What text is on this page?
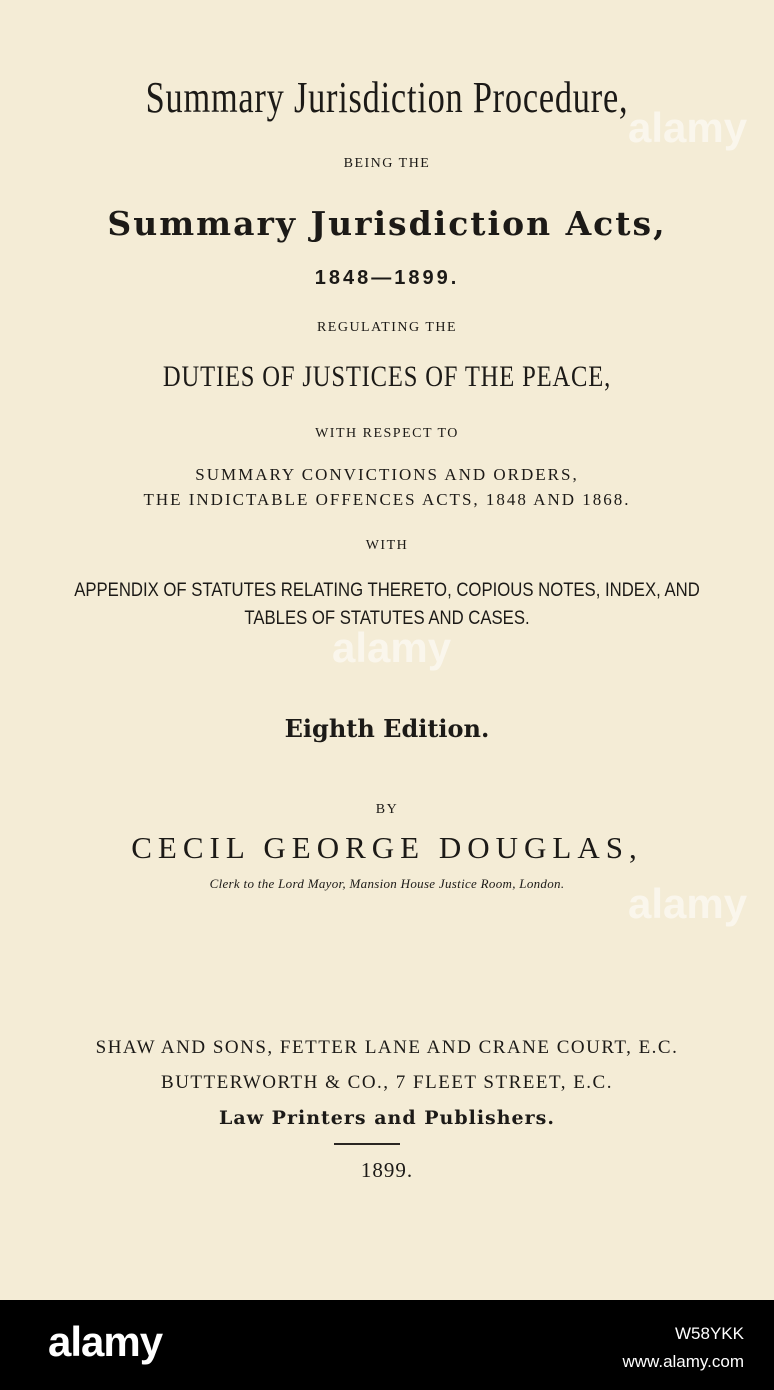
Summary Jurisdiction Procedure,
BEING THE
Summary Jurisdiction Acts,
1848—1899.
REGULATING THE
DUTIES OF JUSTICES OF THE PEACE,
WITH RESPECT TO
SUMMARY CONVICTIONS AND ORDERS,
THE INDICTABLE OFFENCES ACTS, 1848 AND 1868.
WITH
APPENDIX OF STATUTES RELATING THERETO, COPIOUS NOTES, INDEX, AND
TABLES OF STATUTES AND CASES.
Eighth Edition.
BY
CECIL GEORGE DOUGLAS,
Clerk to the Lord Mayor, Mansion House Justice Room, London.
SHAW AND SONS, FETTER LANE AND CRANE COURT, E.C.
BUTTERWORTH & CO., 7 FLEET STREET, E.C.
Law Printers and Publishers.
1899.
alamy
alamy
alamy
alamy	W58YKK
www.alamy.com
